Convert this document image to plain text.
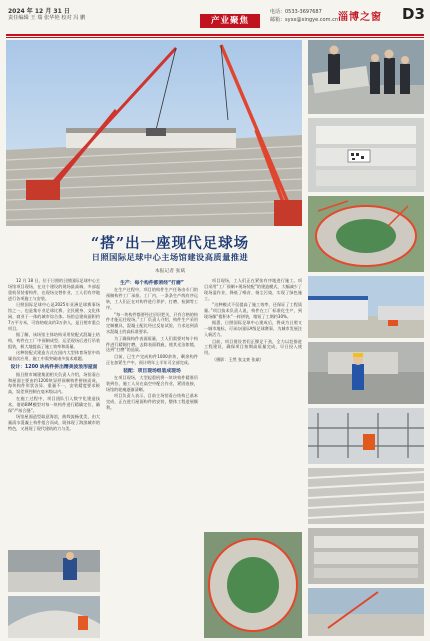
2024 年 12 月 31 日
责任编辑 王 瑞 张华艳 校对 冯 鹏	产业聚焦
电话：0533-3697687
邮箱：syxx@xingye.com.cn 淄博之窗 D3
“搭”出一座现代足球场
日照国际足球中心主场馆建设高质量推进
本报记者 张斌

12 月 18 日，位于日照的日照国际足球中心主场馆项目现场，在这个建设的现场最高端，多部起重机吊装着构件，在现场交替作业，工人们有序地进行各项施工与安装。

日照国际足球中心是2025年亚洲足球赛事场馆之一，也是集专业足球比赛、全民健身、文化休闲、商业于一体的城市综合体。场馆总建筑面积约7万平方米，可容纳观众约3万余人，是日照市重点项目。

据了解，该场馆主体结构采用装配式混凝土结构，构件在工厂中预制成型，运至现场后进行吊装组装，极大地提高了施工效率和质量。

这种装配式建造方式在国内大型体育场馆中尚属首次应用，施工中需突破诸多技术难题。

设计：1200 块构件拼出精美波浪形屋面

据日照市城建集团相关负责人介绍，场馆看台和屋面主要由约1200块异形预制构件拼接而成，每块构件形状各异、重量不一，安装精度要求极高，误差须控制在毫米级以内。

在施工过程中，项目团队引入数字化建造技术，借助BIM模型对每一块构件进行精确定位，确保“严丝合缝”。

场馆屋面造型取意海浪，曲线流畅优美，由大量清水混凝土构件组合而成，既体现了海滨城市的特色，又展现了现代建筑的力与美。

生产：每个构件都须经“打磨”

在生产过程中，项目的构件生产任务由专门的预制构件工厂承担。工厂内，一条条生产线有序运转，工人们正在对构件进行养护、打磨、检测等工序。

“每一块构件都要经过层层把关，只有合格的构件才能运往现场。”工厂负责人介绍，构件生产采用定制模具，混凝土配比经过反复试验，力求达到清水混凝土的高标准要求。

为了确保构件表面质量，工人们需要对每个构件进行精细打磨，去除表面瑕疵，使其光洁如镜，达到“打磨”的品质。

目前，已生产完成构件1000余块，剩余构件正在加紧生产中，预计明年上半年可全部完成。

装配：项目现场组装成现场

在项目现场，大型起重机将一块块构件精准吊装到位，施工人员在高空中配合作业，紧固连接，场馆的轮廓逐渐清晰。

项目负责人表示，目前主场馆看台结构已基本完成，正在进行屋面构件的安装，整体工程进展顺利。

项目现场，工人们正在紧张有序地进行施工。项目采用“工厂预制+现场装配”的建造模式，大幅减少了现场湿作业，降低了噪音、扬尘污染，实现了绿色施工。

“这种模式不仅提高了施工效率，还保证了工程质量。”项目技术负责人说，构件在工厂标准化生产，到现场像“搭积木”一样拼装，缩短了工期约30%。

据悉，日照国际足球中心建成后，将成为日照又一城市地标，可承办国际A级足球赛事，为城市发展注入新活力。

目前，项目建设者们正铆足干劲，全力以赴推进工程建设，确保项目按期高质量完成，早日投入使用。

（摄影：王然 张文豪 张斌）
